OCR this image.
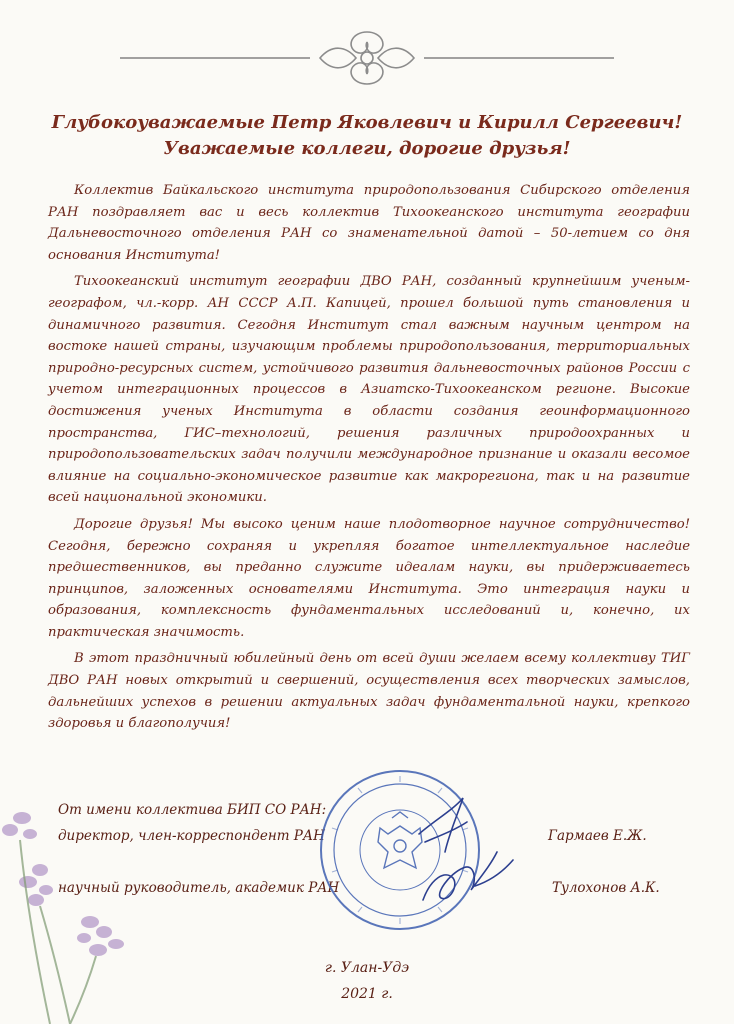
Глубокоуважаемые Петр Яковлевич и Кирилл Сергеевич!
Уважаемые коллеги, дорогие друзья!

Коллектив Байкальского института природопользования Сибирского отделения РАН поздравляет вас и весь коллектив Тихоокеанского института географии Дальневосточного отделения РАН со знаменательной датой – 50-летием со дня основания Института!

Тихоокеанский институт географии ДВО РАН, созданный крупнейшим ученым-географом, чл.-корр. АН СССР А.П. Капицей, прошел большой путь становления и динамичного развития. Сегодня Институт стал важным научным центром на востоке нашей страны, изучающим проблемы природопользования, территориальных природно-ресурсных систем, устойчивого развития дальневосточных районов России с учетом интеграционных процессов в Азиатско-Тихоокеанском регионе. Высокие достижения ученых Института в области создания геоинформационного пространства, ГИС–технологий, решения различных природоохранных и природопользовательских задач получили международное признание и оказали весомое влияние на социально-экономическое развитие как макрорегиона, так и на развитие всей национальной экономики.

Дорогие друзья! Мы высоко ценим наше плодотворное научное сотрудничество! Сегодня, бережно сохраняя и укрепляя богатое интеллектуальное наследие предшественников, вы преданно служите идеалам науки, вы придерживаетесь принципов, заложенных основателями Института. Это интеграция науки и образования, комплексность фундаментальных исследований и, конечно, их практическая значимость.

В этот праздничный юбилейный день от всей души желаем всему коллективу ТИГ ДВО РАН новых открытий и свершений, осуществления всех творческих замыслов, дальнейших успехов в решении актуальных задач фундаментальной науки, крепкого здоровья и благополучия!

От имени коллектива БИП СО РАН:
директор, член-корреспондент РАН	Гармаев Е.Ж.
научный руководитель, академик РАН	Тулохонов А.К.
г. Улан-Удэ
2021 г.
